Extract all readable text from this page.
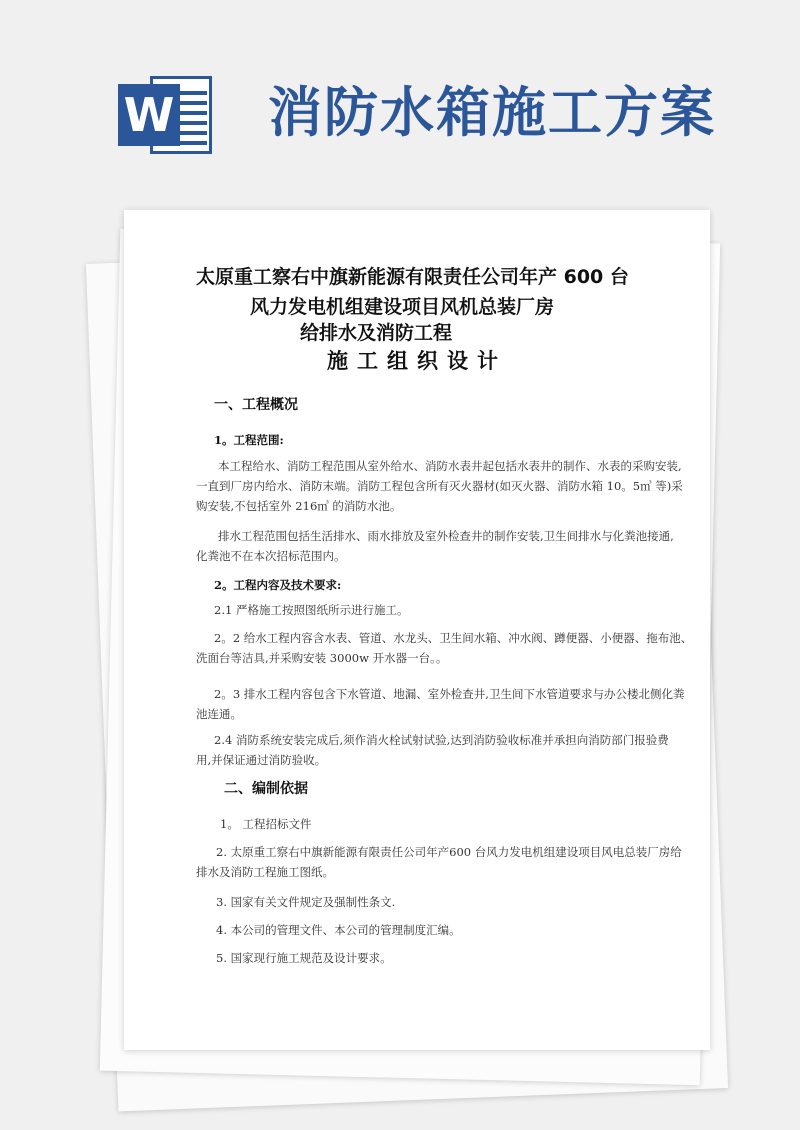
W 消防水箱施工方案
太原重工察右中旗新能源有限责任公司年产 600 台
风力发电机组建设项目风机总装厂房
给排水及消防工程
施工组织设计
一、工程概况
1。工程范围:
本工程给水、消防工程范围从室外给水、消防水表井起包括水表井的制作、水表的采购安装,
一直到厂房内给水、消防末端。消防工程包含所有灭火器材(如灭火器、消防水箱 10。5㎥ 等)采
购安装,不包括室外 216㎥ 的消防水池。
排水工程范围包括生活排水、雨水排放及室外检查井的制作安装,卫生间排水与化粪池接通,
化粪池不在本次招标范围内。
2。工程内容及技术要求:
2.1 严格施工按照图纸所示进行施工。
2。2 给水工程内容含水表、管道、水龙头、卫生间水箱、冲水阀、蹲便器、小便器、拖布池、
洗面台等洁具,并采购安装 3000w 开水器一台。。
2。3 排水工程内容包含下水管道、地漏、室外检查井,卫生间下水管道要求与办公楼北侧化粪
池连通。
2.4 消防系统安装完成后,须作消火栓试射试验,达到消防验收标准并承担向消防部门报验费
用,并保证通过消防验收。
二、编制依据
1。 工程招标文件
2. 太原重工察右中旗新能源有限责任公司年产600 台风力发电机组建设项目风电总装厂房给
排水及消防工程施工图纸。
3. 国家有关文件规定及强制性条文.
4. 本公司的管理文件、本公司的管理制度汇编。
5. 国家现行施工规范及设计要求。
